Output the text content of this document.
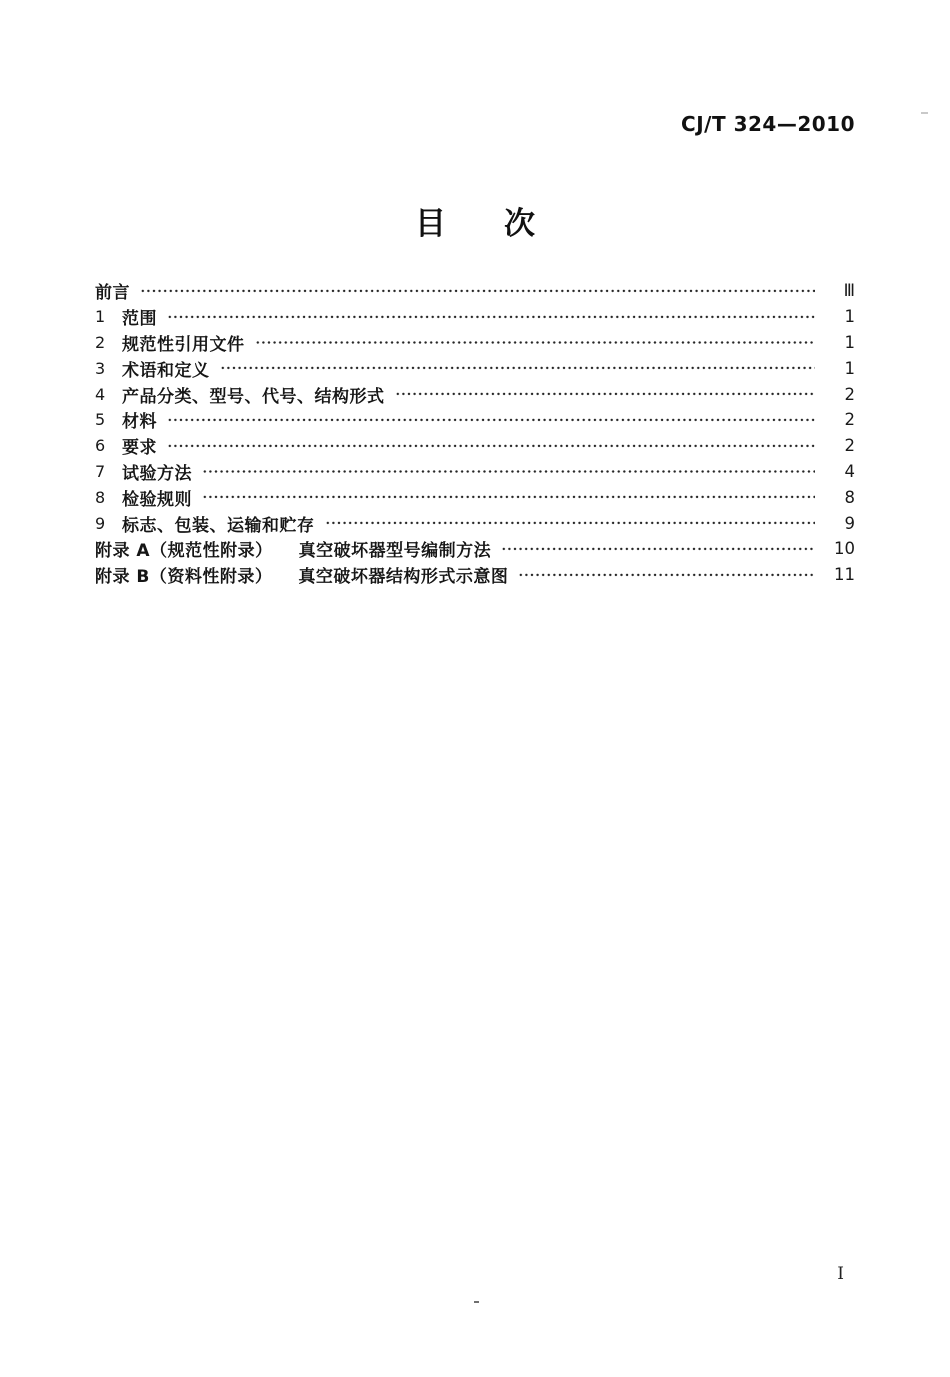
CJ/T 324—2010
目 次
前言	Ⅲ
1 范围	1
2 规范性引用文件	1
3 术语和定义	1
4 产品分类、型号、代号、结构形式	2
5 材料	2
6 要求	2
7 试验方法	4
8 检验规则	8
9 标志、包装、运输和贮存	9
附录 A（规范性附录） 真空破坏器型号编制方法	10
附录 B（资料性附录） 真空破坏器结构形式示意图	11
Ⅰ
